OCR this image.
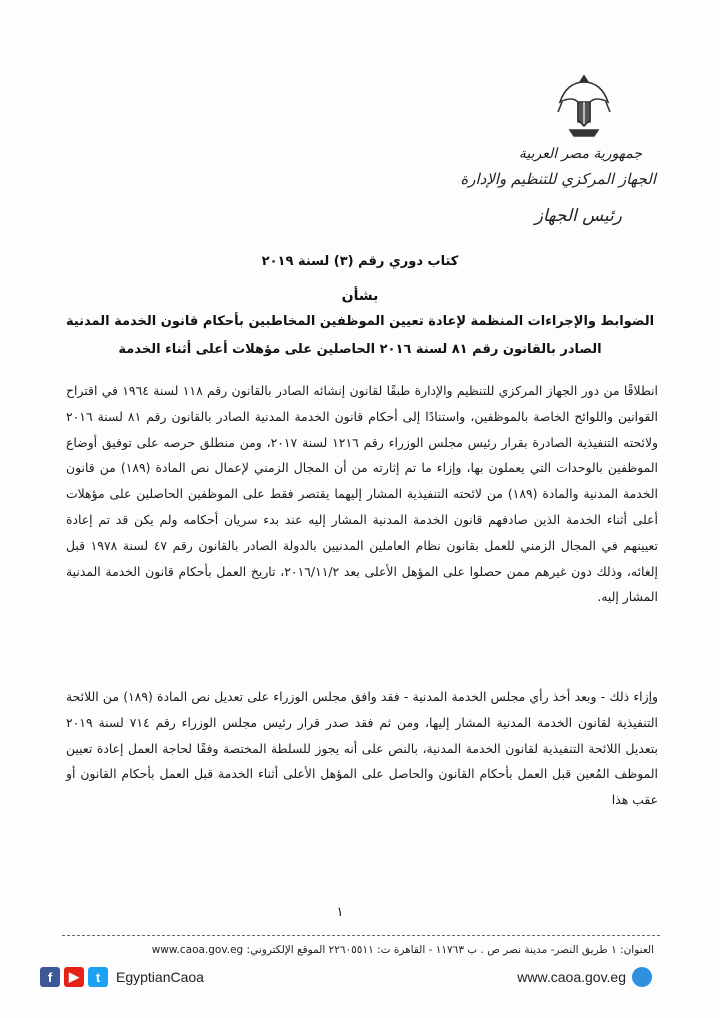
جمهورية مصر العربية
الجهاز المركزي للتنظيم والإدارة
رئيس الجهاز
كتاب دوري رقم (٣) لسنة ٢٠١٩
بشأن
الضوابط والإجراءات المنظمة لإعادة تعيين الموظفين المخاطبين بأحكام قانون الخدمة المدنية
الصادر بالقانون رقم ٨١ لسنة ٢٠١٦ الحاصلين على مؤهلات أعلى أثناء الخدمة
انطلاقًا من دور الجهاز المركزي للتنظيم والإدارة طبقًا لقانون إنشائه الصادر بالقانون رقم ١١٨ لسنة ١٩٦٤ في اقتراح القوانين واللوائح الخاصة بالموظفين، واستنادًا إلى أحكام قانون الخدمة المدنية الصادر بالقانون رقم ٨١ لسنة ٢٠١٦ ولائحته التنفيذية الصادرة بقرار رئيس مجلس الوزراء رقم ١٢١٦ لسنة ٢٠١٧، ومن منطلق حرصه على توفيق أوضاع الموظفين بالوحدات التي يعملون بها، وإزاء ما تم إثارته من أن المجال الزمني لإعمال نص المادة (١٨٩) من قانون الخدمة المدنية والمادة (١٨٩) من لائحته التنفيذية المشار إليهما يقتصر فقط على الموظفين الحاصلين على مؤهلات أعلى أثناء الخدمة الذين صادفهم قانون الخدمة المدنية المشار إليه عند بدء سريان أحكامه ولم يكن قد تم إعادة تعيينهم في المجال الزمني للعمل بقانون نظام العاملين المدنيين بالدولة الصادر بالقانون رقم ٤٧ لسنة ١٩٧٨ قبل إلغائه، وذلك دون غيرهم ممن حصلوا على المؤهل الأعلى بعد ٢٠١٦/١١/٢، تاريخ العمل بأحكام قانون الخدمة المدنية المشار إليه.
وإزاء ذلك - وبعد أخذ رأي مجلس الخدمة المدنية - فقد وافق مجلس الوزراء على تعديل نص المادة (١٨٩) من اللائحة التنفيذية لقانون الخدمة المدنية المشار إليها، ومن ثم فقد صدر قرار رئيس مجلس الوزراء رقم ٧١٤ لسنة ٢٠١٩ بتعديل اللائحة التنفيذية لقانون الخدمة المدنية، بالنص على أنه يجوز للسلطة المختصة وفقًا لحاجة العمل إعادة تعيين الموظف المُعين قبل العمل بأحكام القانون والحاصل على المؤهل الأعلى أثناء الخدمة قبل العمل بأحكام القانون أو عقب هذا
١
العنوان: ١ طريق النصر- مدينة نصر ص . ب ١١٧٦٣ - القاهرة ت: ٢٢٦٠٥٥١١ الموقع الإلكتروني: www.caoa.gov.eg
f	▶	t	EgyptianCaoa	www.caoa.gov.eg
